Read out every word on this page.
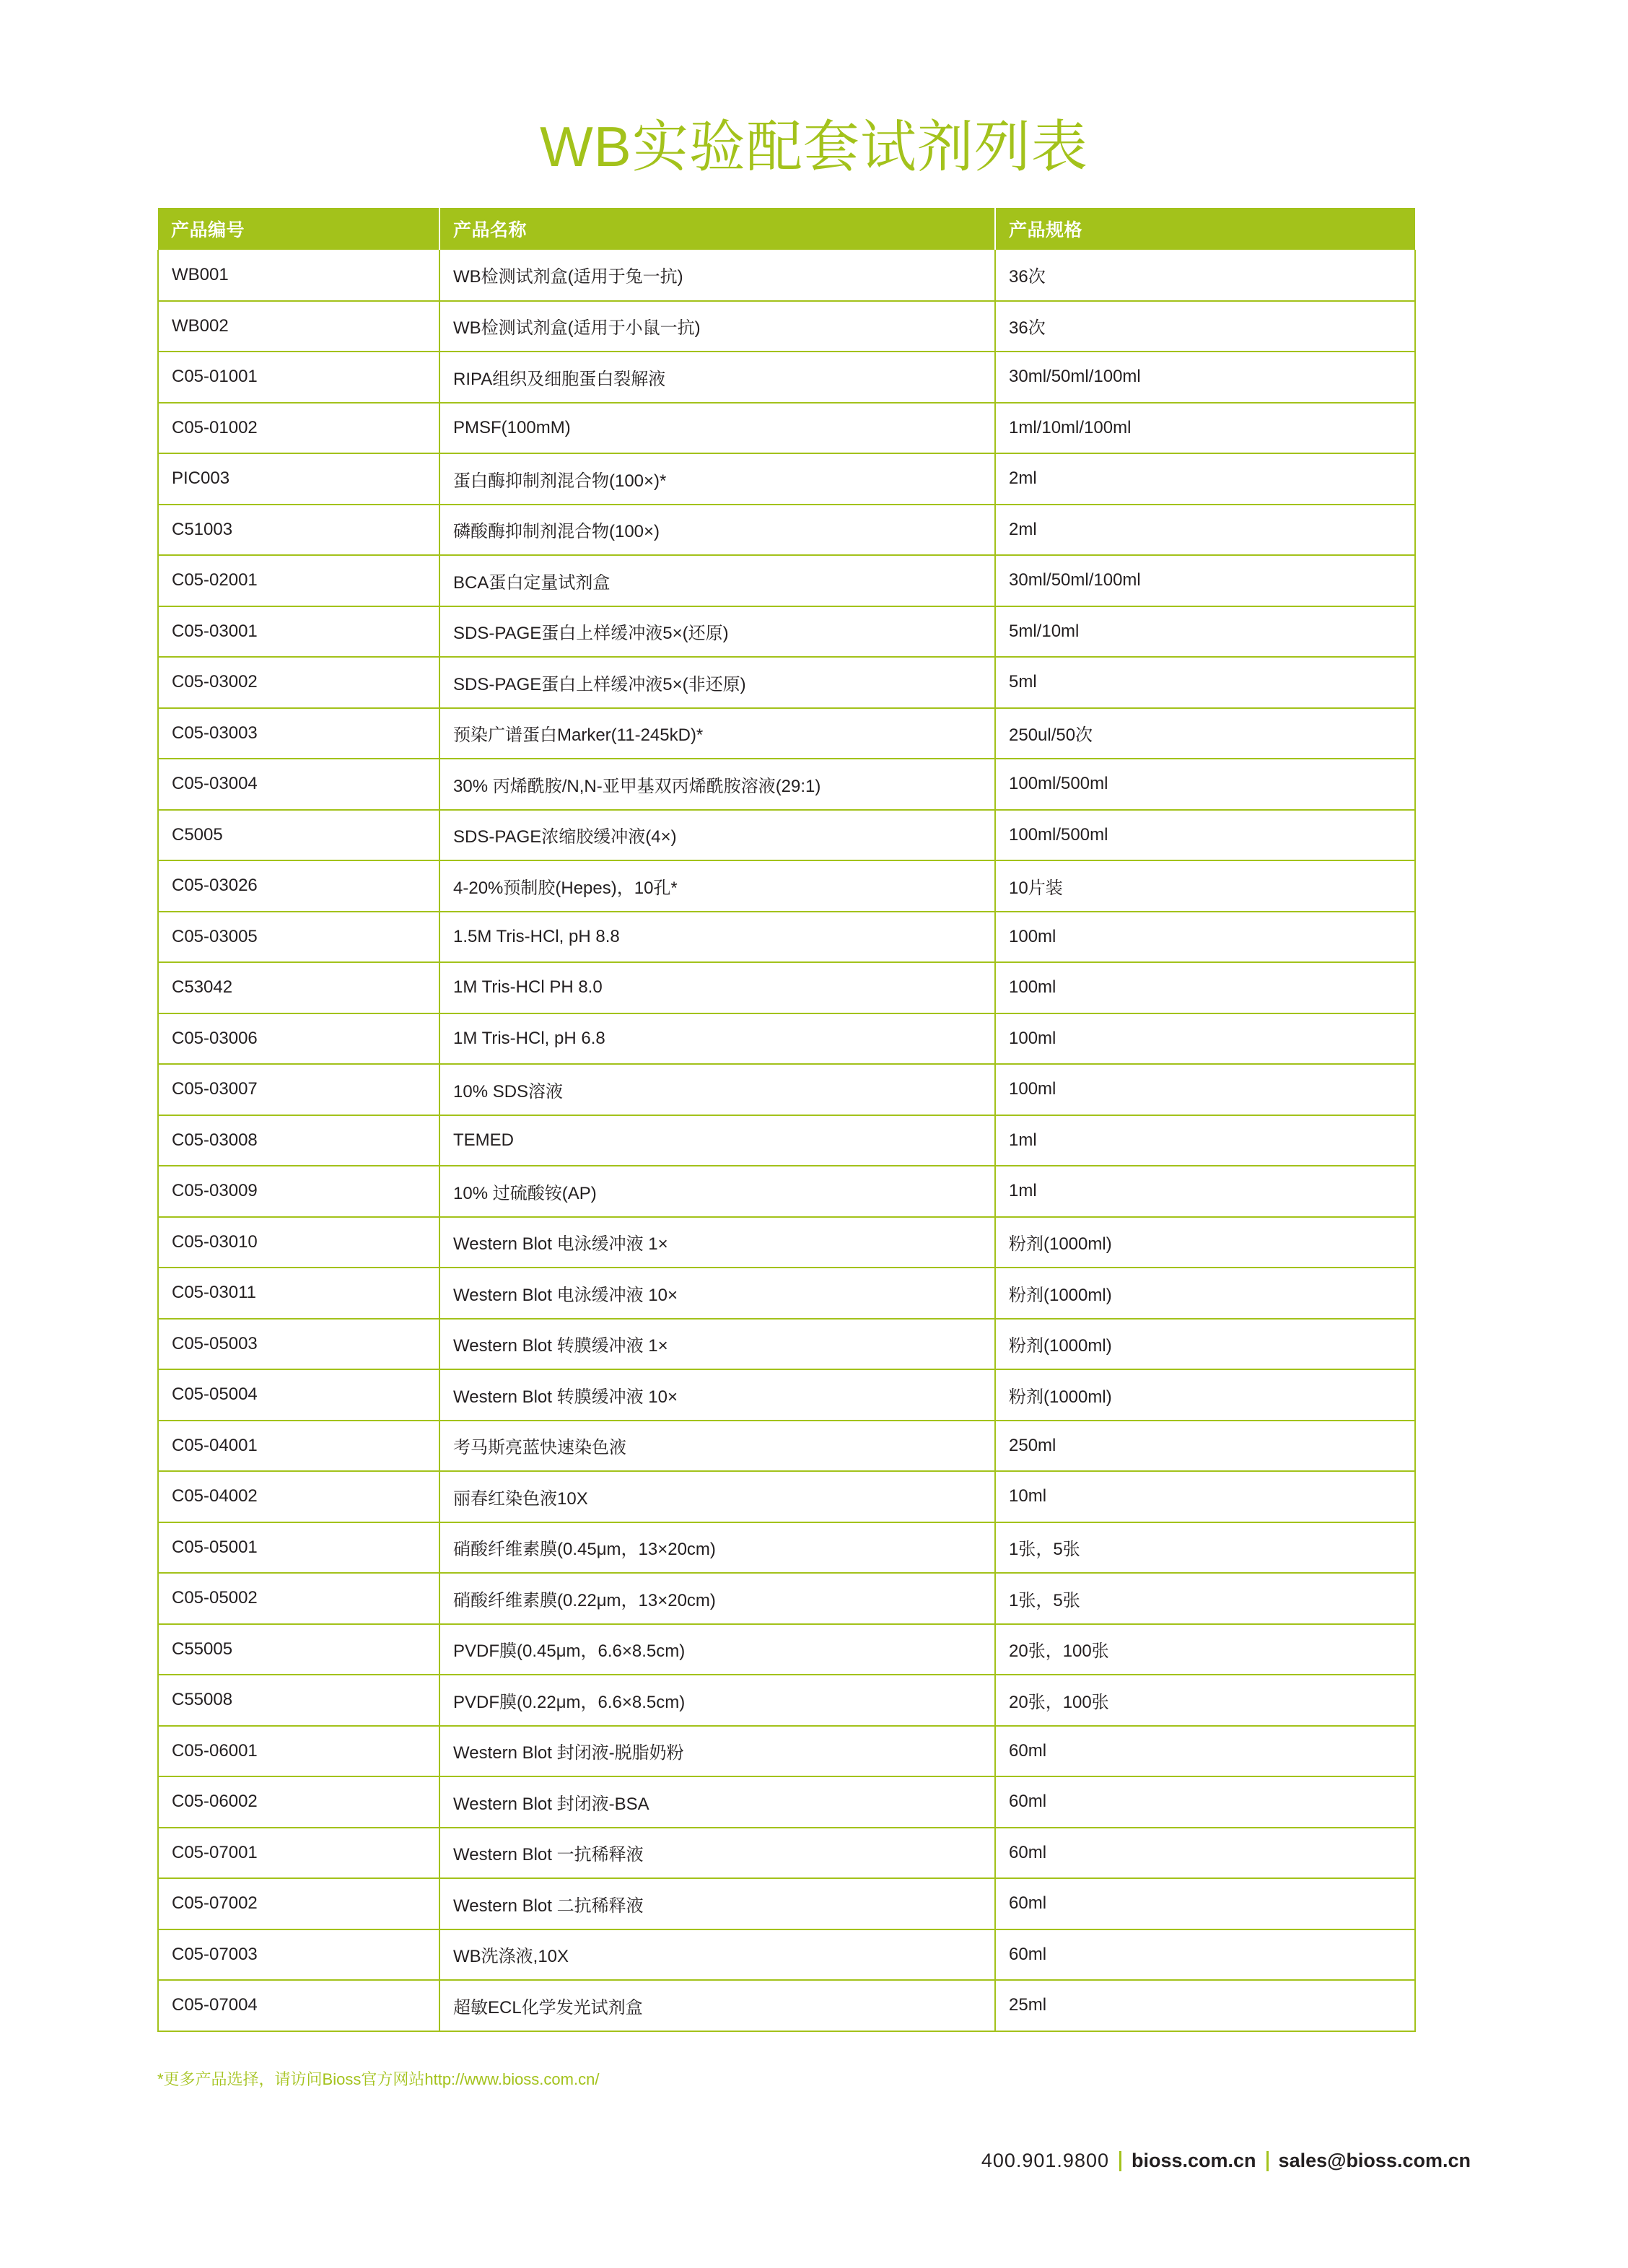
WB实验配套试剂列表
产品编号	产品名称	产品规格
WB001	WB检测试剂盒(适用于兔一抗)	36次
WB002	WB检测试剂盒(适用于小鼠一抗)	36次
C05-01001	RIPA组织及细胞蛋白裂解液	30ml/50ml/100ml
C05-01002	PMSF(100mM)	1ml/10ml/100ml
PIC003	蛋白酶抑制剂混合物(100×)*	2ml
C51003	磷酸酶抑制剂混合物(100×)	2ml
C05-02001	BCA蛋白定量试剂盒	30ml/50ml/100ml
C05-03001	SDS-PAGE蛋白上样缓冲液5×(还原)	5ml/10ml
C05-03002	SDS-PAGE蛋白上样缓冲液5×(非还原)	5ml
C05-03003	预染广谱蛋白Marker(11-245kD)*	250ul/50次
C05-03004	30% 丙烯酰胺/N,N-亚甲基双丙烯酰胺溶液(29:1)	100ml/500ml
C5005	SDS-PAGE浓缩胶缓冲液(4×)	100ml/500ml
C05-03026	4-20%预制胶(Hepes)，10孔*	10片装
C05-03005	1.5M Tris-HCl, pH 8.8	100ml
C53042	1M Tris-HCl PH 8.0	100ml
C05-03006	1M Tris-HCl, pH 6.8	100ml
C05-03007	10% SDS溶液	100ml
C05-03008	TEMED	1ml
C05-03009	10% 过硫酸铵(AP)	1ml
C05-03010	Western Blot 电泳缓冲液 1×	粉剂(1000ml)
C05-03011	Western Blot 电泳缓冲液 10×	粉剂(1000ml)
C05-05003	Western Blot 转膜缓冲液 1×	粉剂(1000ml)
C05-05004	Western Blot 转膜缓冲液 10×	粉剂(1000ml)
C05-04001	考马斯亮蓝快速染色液	250ml
C05-04002	丽春红染色液10X	10ml
C05-05001	硝酸纤维素膜(0.45μm，13×20cm)	1张，5张
C05-05002	硝酸纤维素膜(0.22μm，13×20cm)	1张，5张
C55005	PVDF膜(0.45μm，6.6×8.5cm)	20张，100张
C55008	PVDF膜(0.22μm，6.6×8.5cm)	20张，100张
C05-06001	Western Blot 封闭液-脱脂奶粉	60ml
C05-06002	Western Blot 封闭液-BSA	60ml
C05-07001	Western Blot 一抗稀释液	60ml
C05-07002	Western Blot 二抗稀释液	60ml
C05-07003	WB洗涤液,10X	60ml
C05-07004	超敏ECL化学发光试剂盒	25ml
*更多产品选择，请访问Bioss官方网站http://www.bioss.com.cn/
400.901.9800 bioss.com.cn sales@bioss.com.cn
